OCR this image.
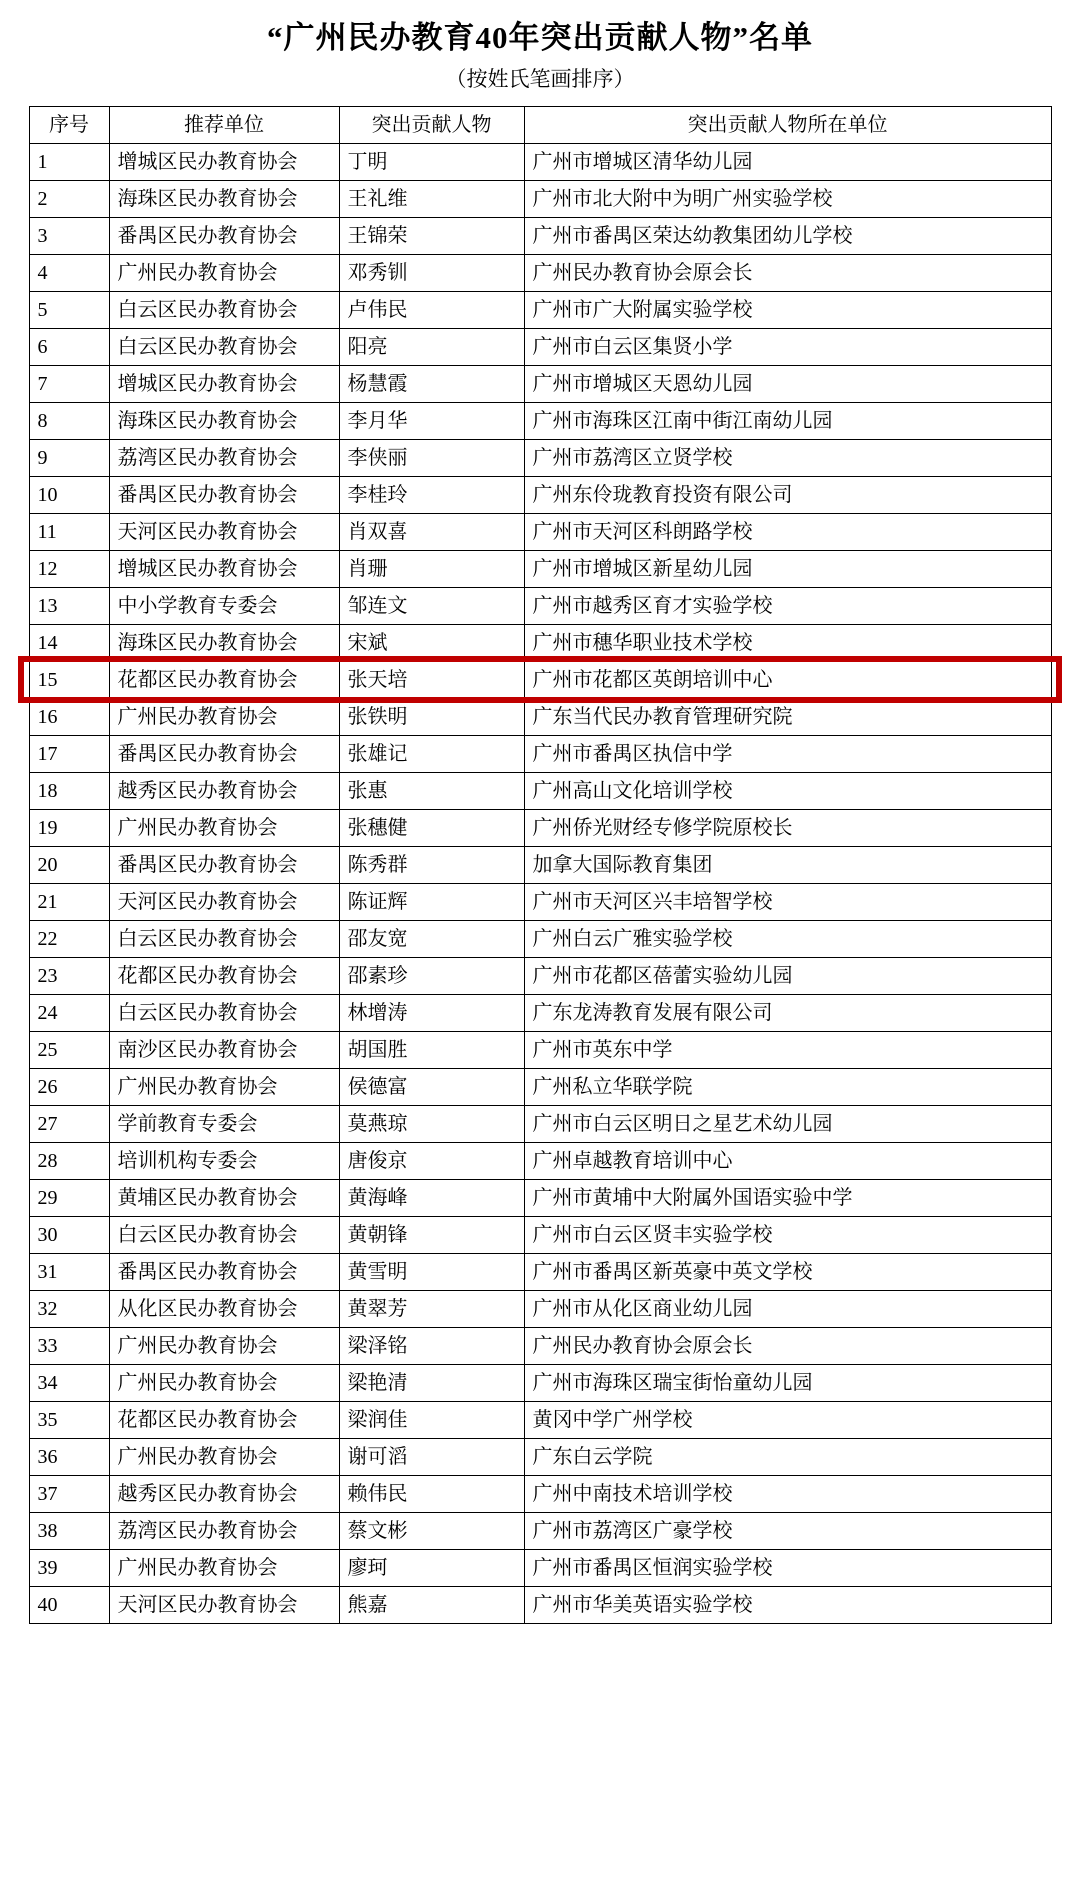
“广州民办教育40年突出贡献人物”名单
（按姓氏笔画排序）
序号	推荐单位	突出贡献人物	突出贡献人物所在单位
1	增城区民办教育协会	丁明	广州市增城区清华幼儿园
2	海珠区民办教育协会	王礼维	广州市北大附中为明广州实验学校
3	番禺区民办教育协会	王锦荣	广州市番禺区荣达幼教集团幼儿学校
4	广州民办教育协会	邓秀钏	广州民办教育协会原会长
5	白云区民办教育协会	卢伟民	广州市广大附属实验学校
6	白云区民办教育协会	阳亮	广州市白云区集贤小学
7	增城区民办教育协会	杨慧霞	广州市增城区天恩幼儿园
8	海珠区民办教育协会	李月华	广州市海珠区江南中街江南幼儿园
9	荔湾区民办教育协会	李侠丽	广州市荔湾区立贤学校
10	番禺区民办教育协会	李桂玲	广州东伶珑教育投资有限公司
11	天河区民办教育协会	肖双喜	广州市天河区科朗路学校
12	增城区民办教育协会	肖珊	广州市增城区新星幼儿园
13	中小学教育专委会	邹连文	广州市越秀区育才实验学校
14	海珠区民办教育协会	宋斌	广州市穗华职业技术学校
15	花都区民办教育协会	张天培	广州市花都区英朗培训中心
16	广州民办教育协会	张铁明	广东当代民办教育管理研究院
17	番禺区民办教育协会	张雄记	广州市番禺区执信中学
18	越秀区民办教育协会	张惠	广州高山文化培训学校
19	广州民办教育协会	张穗健	广州侨光财经专修学院原校长
20	番禺区民办教育协会	陈秀群	加拿大国际教育集团
21	天河区民办教育协会	陈证辉	广州市天河区兴丰培智学校
22	白云区民办教育协会	邵友宽	广州白云广雅实验学校
23	花都区民办教育协会	邵素珍	广州市花都区蓓蕾实验幼儿园
24	白云区民办教育协会	林增涛	广东龙涛教育发展有限公司
25	南沙区民办教育协会	胡国胜	广州市英东中学
26	广州民办教育协会	侯德富	广州私立华联学院
27	学前教育专委会	莫燕琼	广州市白云区明日之星艺术幼儿园
28	培训机构专委会	唐俊京	广州卓越教育培训中心
29	黄埔区民办教育协会	黄海峰	广州市黄埔中大附属外国语实验中学
30	白云区民办教育协会	黄朝锋	广州市白云区贤丰实验学校
31	番禺区民办教育协会	黄雪明	广州市番禺区新英豪中英文学校
32	从化区民办教育协会	黄翠芳	广州市从化区商业幼儿园
33	广州民办教育协会	梁泽铭	广州民办教育协会原会长
34	广州民办教育协会	梁艳清	广州市海珠区瑞宝街怡童幼儿园
35	花都区民办教育协会	梁润佳	黄冈中学广州学校
36	广州民办教育协会	谢可滔	广东白云学院
37	越秀区民办教育协会	赖伟民	广州中南技术培训学校
38	荔湾区民办教育协会	蔡文彬	广州市荔湾区广豪学校
39	广州民办教育协会	廖珂	广州市番禺区恒润实验学校
40	天河区民办教育协会	熊嘉	广州市华美英语实验学校
